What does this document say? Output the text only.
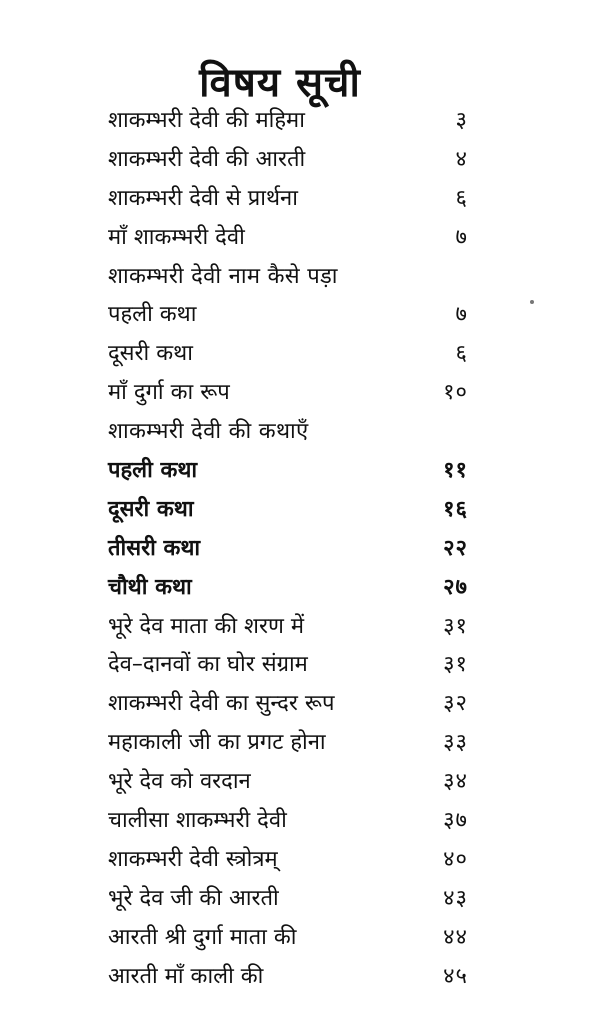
विषय सूची
शाकम्भरी देवी की महिमा	३
शाकम्भरी देवी की आरती	४
शाकम्भरी देवी से प्रार्थना	६
माँ शाकम्भरी देवी	७
शाकम्भरी देवी नाम कैसे पड़ा
पहली कथा	७
दूसरी कथा	६
माँ दुर्गा का रूप	१०
शाकम्भरी देवी की कथाएँ
पहली कथा	११
दूसरी कथा	१६
तीसरी कथा	२२
चौथी कथा	२७
भूरे देव माता की शरण में	३१
देव–दानवों का घोर संग्राम	३१
शाकम्भरी देवी का सुन्दर रूप	३२
महाकाली जी का प्रगट होना	३३
भूरे देव को वरदान	३४
चालीसा शाकम्भरी देवी	३७
शाकम्भरी देवी स्त्रोत्रम्	४०
भूरे देव जी की आरती	४३
आरती श्री दुर्गा माता की	४४
आरती माँ काली की	४५
